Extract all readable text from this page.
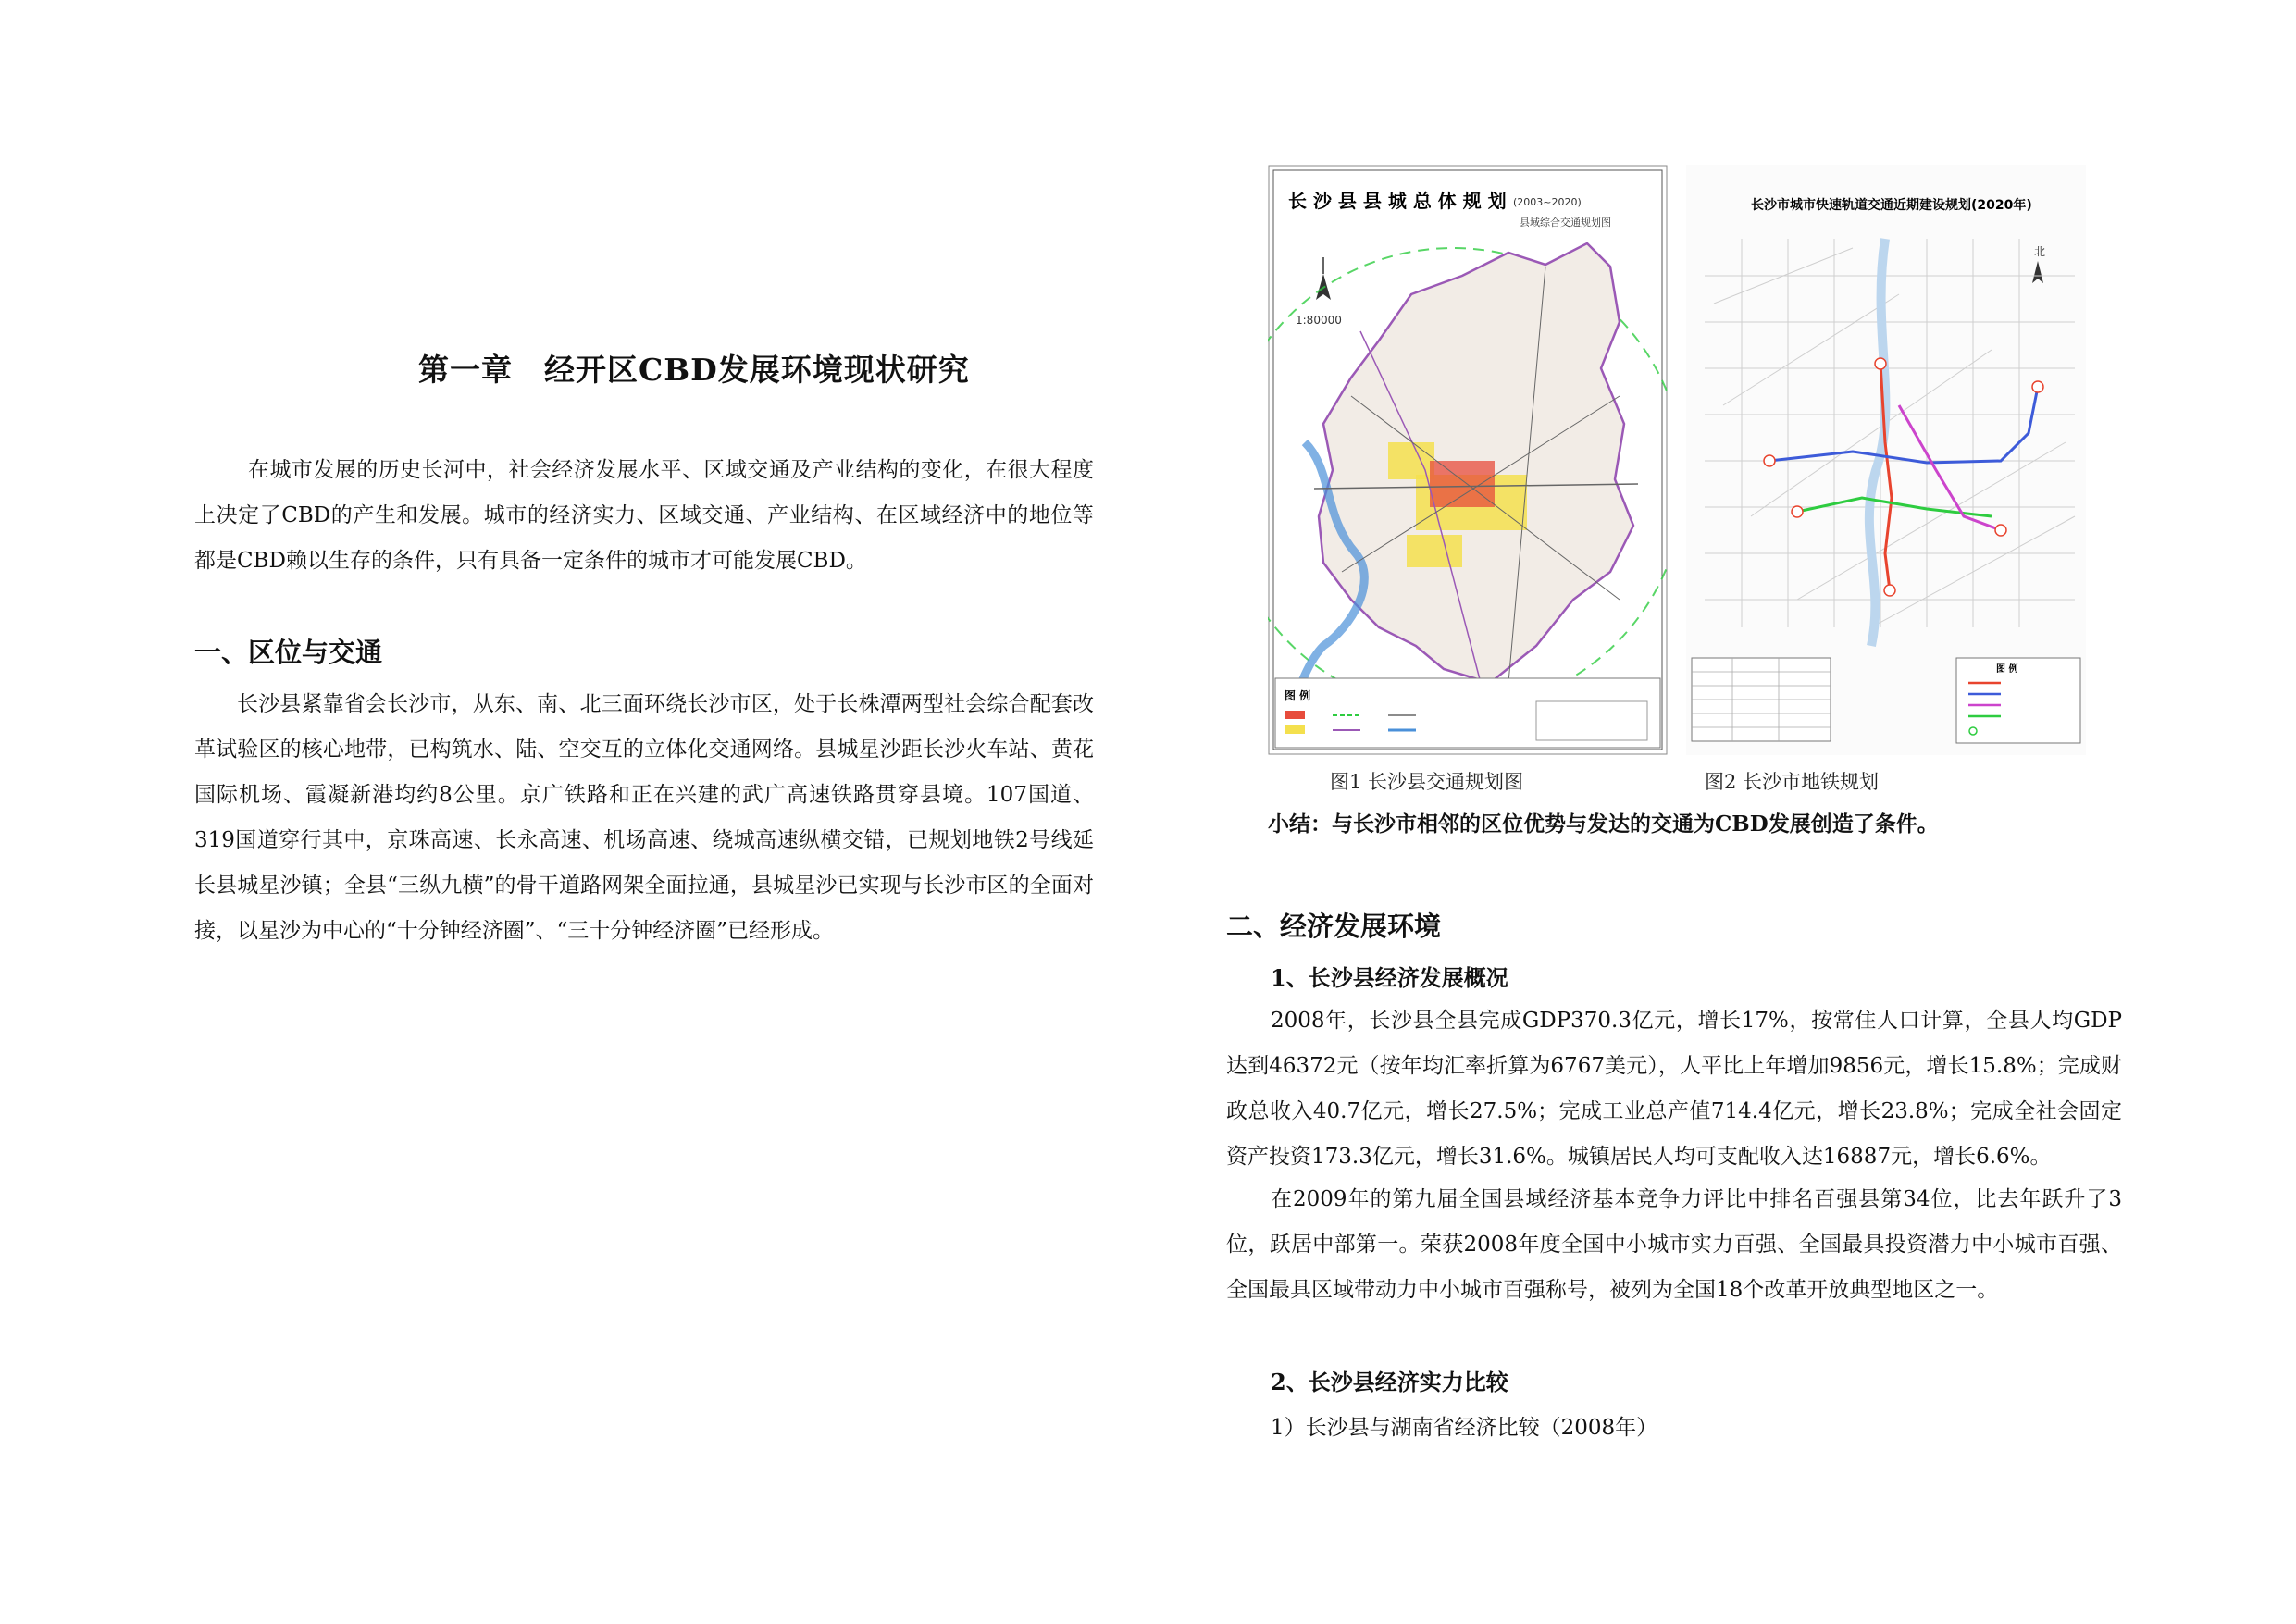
第一章　经开区CBD发展环境现状研究
在城市发展的历史长河中，社会经济发展水平、区域交通及产业结构的变化，在很大程度上决定了CBD的产生和发展。城市的经济实力、区域交通、产业结构、在区域经济中的地位等都是CBD赖以生存的条件，只有具备一定条件的城市才可能发展CBD。
一、区位与交通
长沙县紧靠省会长沙市，从东、南、北三面环绕长沙市区，处于长株潭两型社会综合配套改革试验区的核心地带，已构筑水、陆、空交互的立体化交通网络。县城星沙距长沙火车站、黄花国际机场、霞凝新港均约8公里。京广铁路和正在兴建的武广高速铁路贯穿县境。107国道、319国道穿行其中，京珠高速、长永高速、机场高速、绕城高速纵横交错，已规划地铁2号线延长县城星沙镇；全县“三纵九横”的骨干道路网架全面拉通，县城星沙已实现与长沙市区的全面对接，以星沙为中心的“十分钟经济圈”、“三十分钟经济圈”已经形成。
长 沙 县 县 城 总 体 规 划 (2003~2020)
县域综合交通规划图
1:80000
图 例
长沙市城市快速轨道交通近期建设规划(2020年)
北
图 例
图1 长沙县交通规划图	图2 长沙市地铁规划
小结：与长沙市相邻的区位优势与发达的交通为CBD发展创造了条件。
二、经济发展环境
1、长沙县经济发展概况
2008年，长沙县全县完成GDP370.3亿元，增长17%，按常住人口计算，全县人均GDP达到46372元（按年均汇率折算为6767美元），人平比上年增加9856元，增长15.8%；完成财政总收入40.7亿元，增长27.5%；完成工业总产值714.4亿元，增长23.8%；完成全社会固定资产投资173.3亿元，增长31.6%。城镇居民人均可支配收入达16887元，增长6.6%。
在2009年的第九届全国县域经济基本竞争力评比中排名百强县第34位，比去年跃升了3位，跃居中部第一。荣获2008年度全国中小城市实力百强、全国最具投资潜力中小城市百强、全国最具区域带动力中小城市百强称号，被列为全国18个改革开放典型地区之一。
2、长沙县经济实力比较
1）长沙县与湖南省经济比较（2008年）
